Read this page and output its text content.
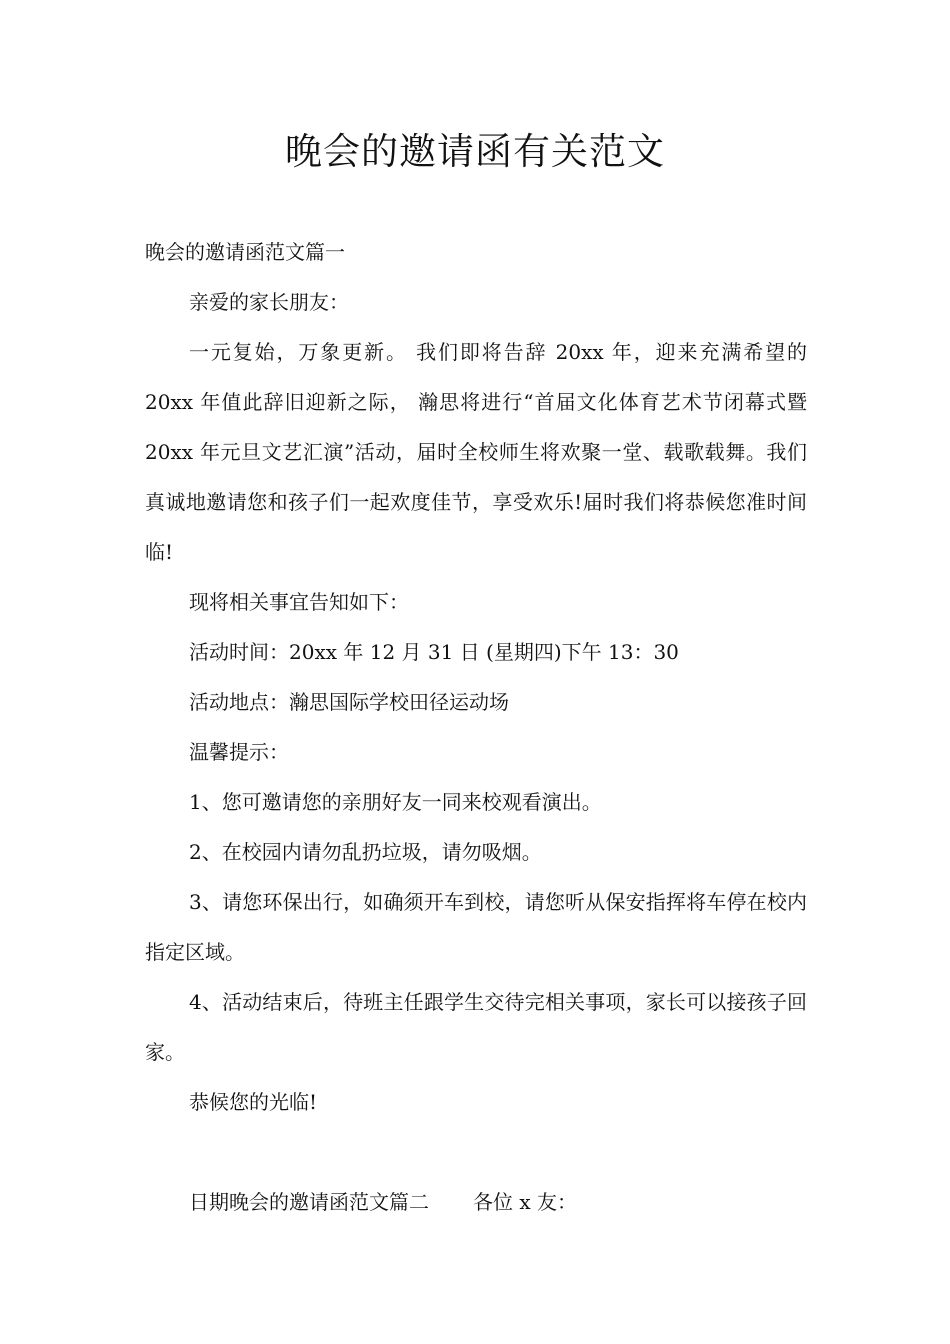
晚会的邀请函有关范文

晚会的邀请函范文篇一

亲爱的家长朋友：

一元复始，万象更新。 我们即将告辞 20xx 年，迎来充满希望的 20xx 年值此辞旧迎新之际， 瀚思将进行“首届文化体育艺术节闭幕式暨 20xx 年元旦文艺汇演”活动，届时全校师生将欢聚一堂、载歌载舞。我们真诚地邀请您和孩子们一起欢度佳节，享受欢乐!届时我们将恭候您准时间临!

现将相关事宜告知如下：

活动时间：20xx 年 12 月 31 日 (星期四)下午 13：30

活动地点：瀚思国际学校田径运动场

温馨提示：

1、您可邀请您的亲朋好友一同来校观看演出。

2、在校园内请勿乱扔垃圾，请勿吸烟。

3、请您环保出行，如确须开车到校，请您听从保安指挥将车停在校内指定区域。

4、活动结束后，待班主任跟学生交待完相关事项，家长可以接孩子回家。

恭候您的光临!

日期晚会的邀请函范文篇二 各位 x 友：
